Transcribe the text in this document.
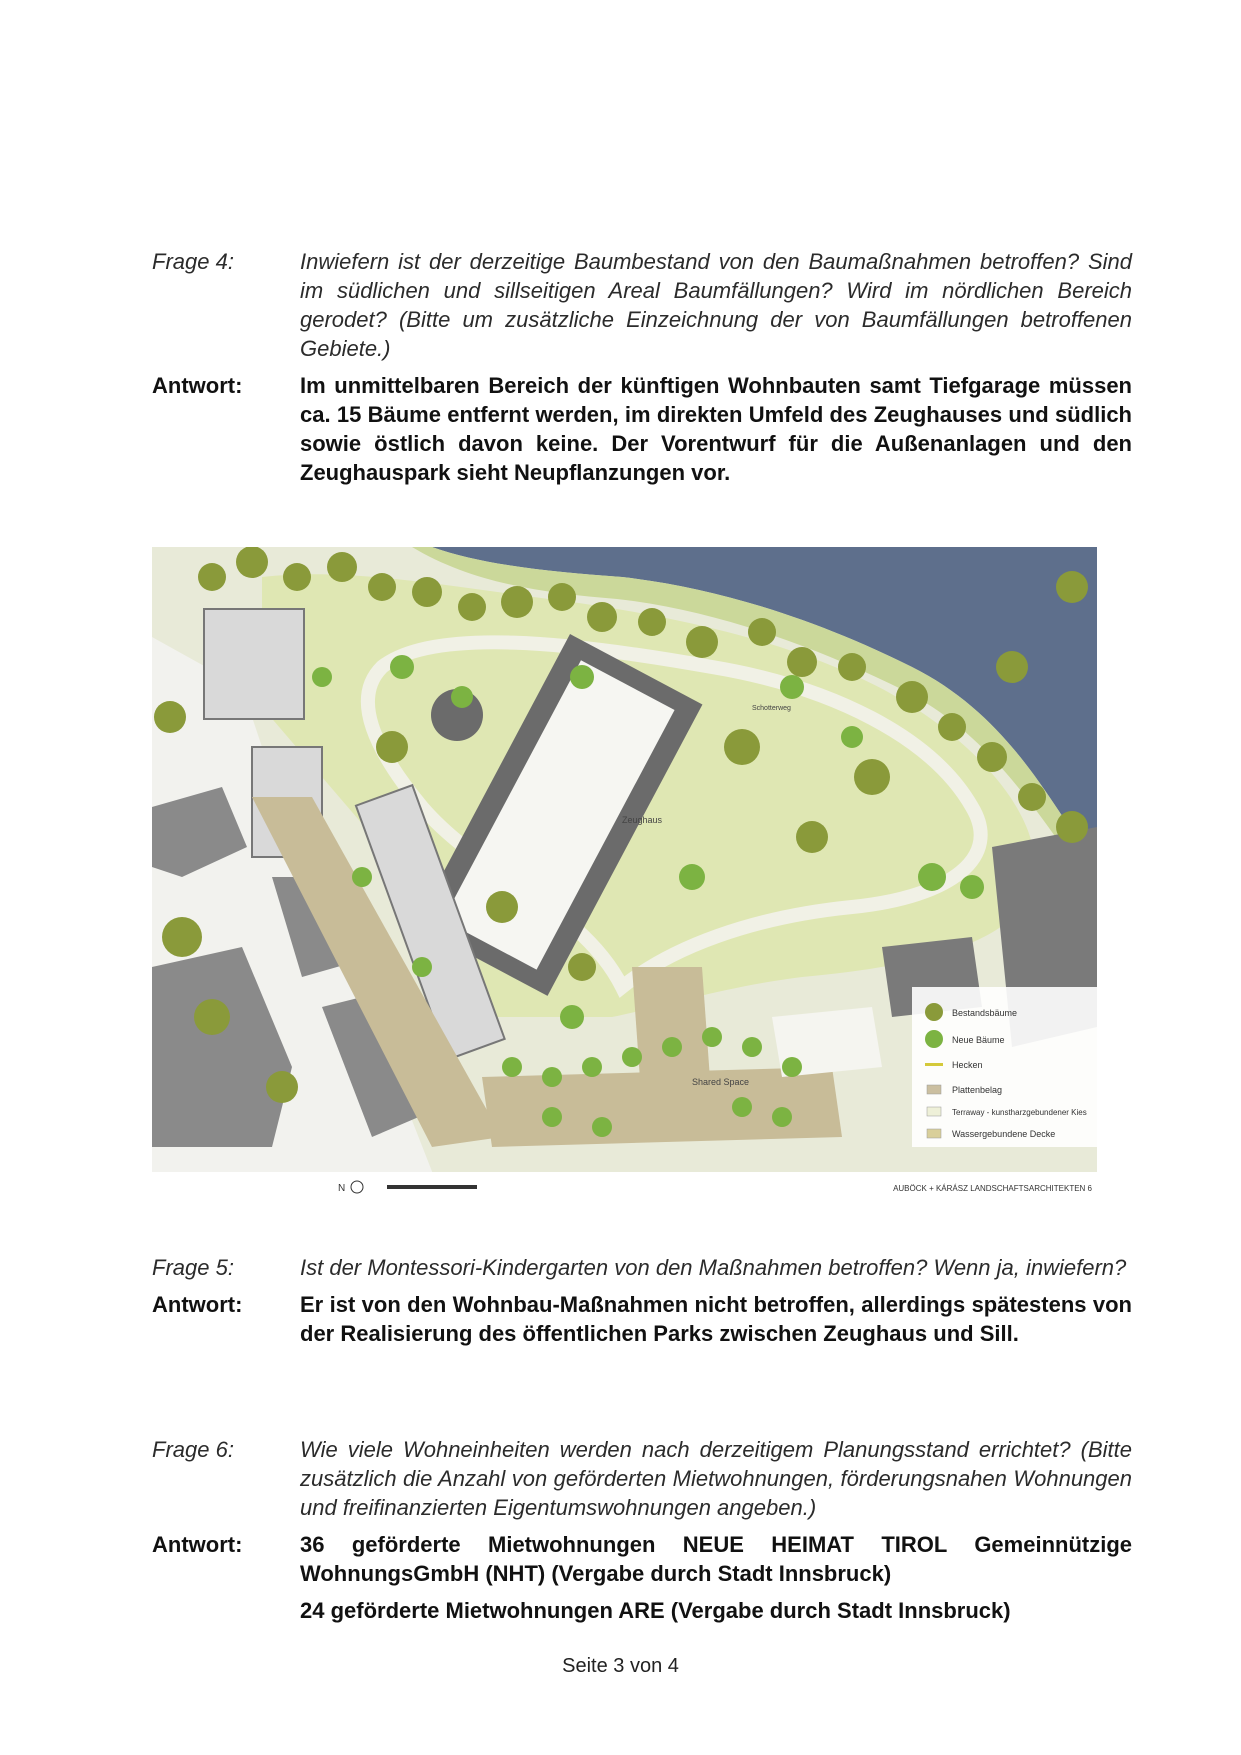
Frage 4:	Inwiefern ist der derzeitige Baumbestand von den Baumaßnahmen betroffen? Sind im südlichen und sillseitigen Areal Baumfällungen? Wird im nördlichen Bereich gerodet? (Bitte um zusätzliche Einzeichnung der von Baumfällungen betroffenen Gebiete.)
Antwort:	Im unmittelbaren Bereich der künftigen Wohnbauten samt Tiefgarage müssen ca. 15 Bäume entfernt werden, im direkten Umfeld des Zeughauses und südlich sowie östlich davon keine. Der Vorentwurf für die Außenanlagen und den Zeughauspark sieht Neupflanzungen vor.
Zeughaus
Shared Space
Schotterweg
Bestandsbäume
Neue Bäume
Hecken
Plattenbelag
Terraway - kunstharzgebundener Kies
Wassergebundene Decke
N	AUBÖCK + KÁRÁSZ LANDSCHAFTSARCHITEKTEN 6
Frage 5:	Ist der Montessori-Kindergarten von den Maßnahmen betroffen? Wenn ja, inwiefern?
Antwort:	Er ist von den Wohnbau-Maßnahmen nicht betroffen, allerdings spätestens von der Realisierung des öffentlichen Parks zwischen Zeughaus und Sill.
Frage 6:	Wie viele Wohneinheiten werden nach derzeitigem Planungsstand errichtet? (Bitte zusätzlich die Anzahl von geförderten Mietwohnungen, förderungsnahen Wohnungen und freifinanzierten Eigentumswohnungen angeben.)
Antwort:	36 geförderte Mietwohnungen NEUE HEIMAT TIROL Gemeinnützige WohnungsGmbH (NHT) (Vergabe durch Stadt Innsbruck)
24 geförderte Mietwohnungen ARE (Vergabe durch Stadt Innsbruck)
Seite 3 von 4
